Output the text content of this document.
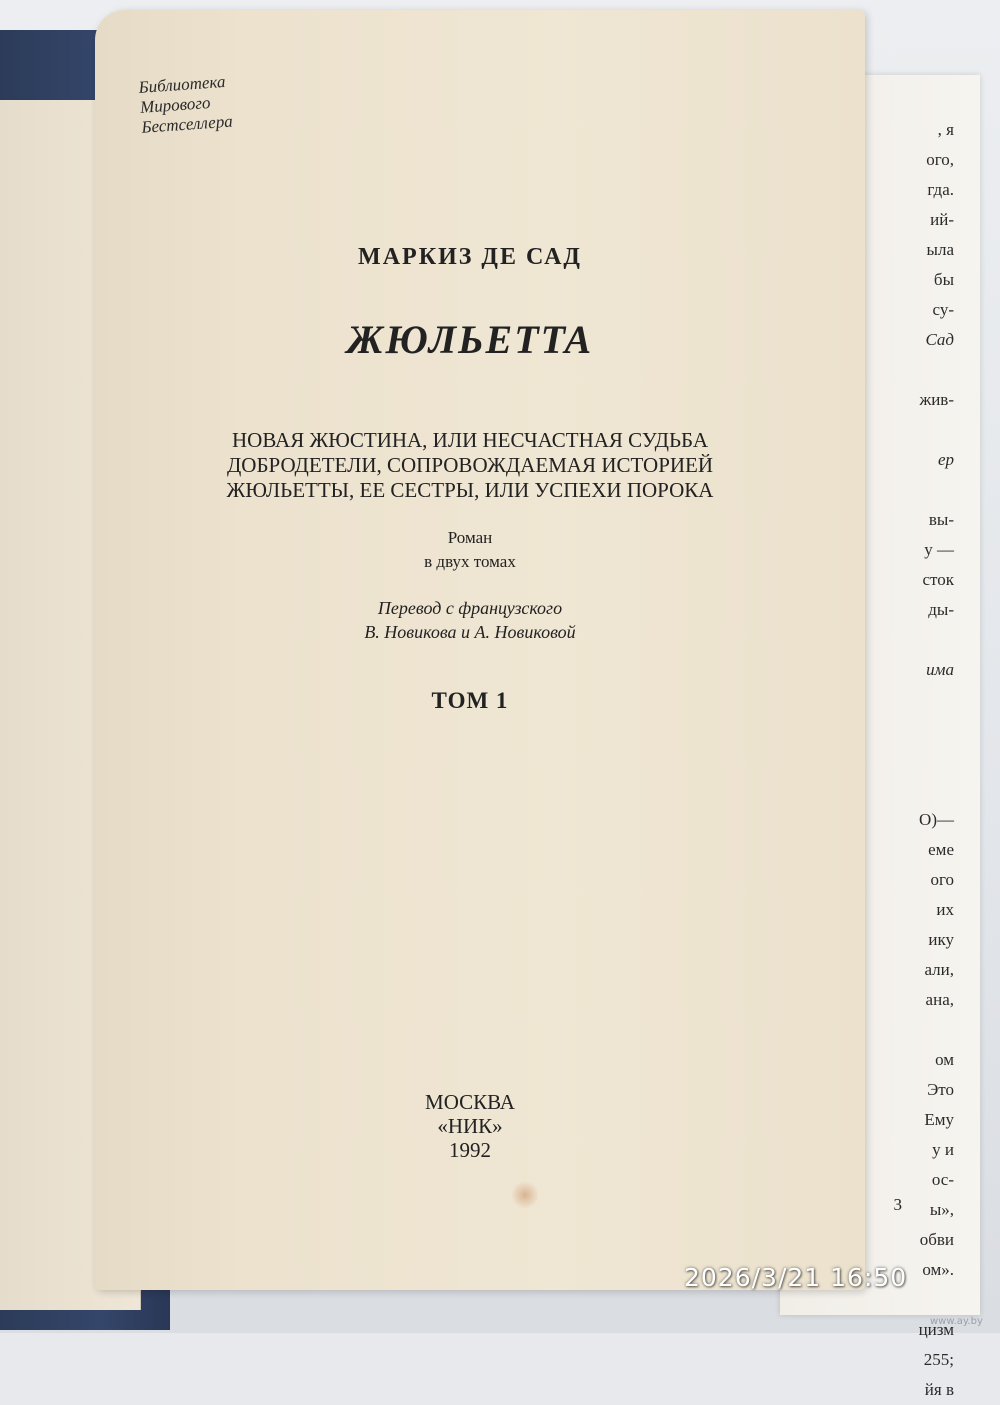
, я
ого,
гда.
ий-
ыла
бы
су-
Сад
жив-
ер
вы-
у —
сток
ды-
има
О)—
еме
ого
их
ику
али,
ана,
ом
Это
Ему
у и
ос-
ы»,
обви
ом».
цизм
255;
йя в
3
Библиотека
Мирового
Бестселлера
МАРКИЗ ДЕ САД
ЖЮЛЬЕТТА
НОВАЯ ЖЮСТИНА, ИЛИ НЕСЧАСТНАЯ СУДЬБА
ДОБРОДЕТЕЛИ, СОПРОВОЖДАЕМАЯ ИСТОРИЕЙ
ЖЮЛЬЕТТЫ, ЕЕ СЕСТРЫ, ИЛИ УСПЕХИ ПОРОКА
Роман
в двух томах
Перевод с французского
В. Новикова и А. Новиковой
ТОМ 1
МОСКВА
«НИК»
1992
2026/3/21 16:50
www.ay.by
